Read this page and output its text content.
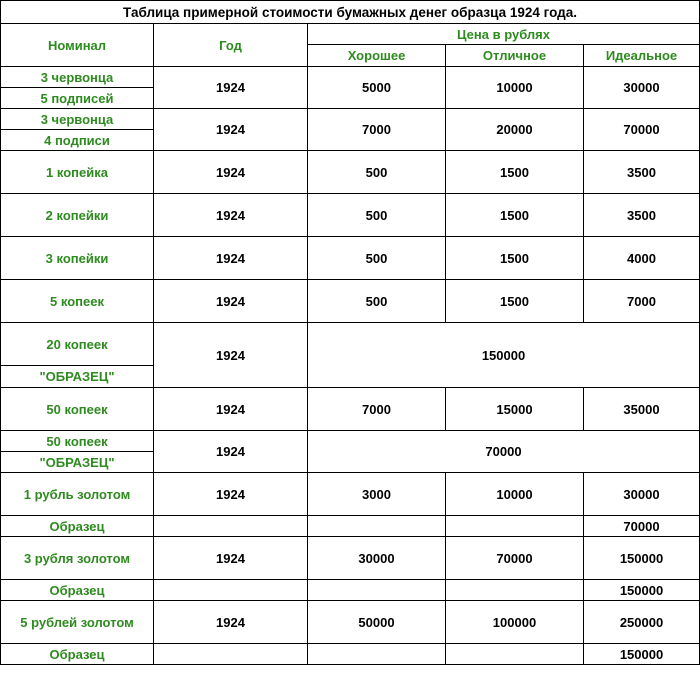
Таблица примерной стоимости бумажных денег образца 1924 года.				
Номинал	Год	Цена в рублях		
		Хорошее	Отличное	Идеальное
3 червонца	1924	5000	10000	30000
5 подписей				
3 червонца	1924	7000	20000	70000
4 подписи				
1 копейка	1924	500	1500	3500
2 копейки	1924	500	1500	3500
3 копейки	1924	500	1500	4000
5 копеек	1924	500	1500	7000
20 копеек	1924	150000		
"ОБРАЗЕЦ"				
50 копеек	1924	7000	15000	35000
50 копеек	1924	70000		
"ОБРАЗЕЦ"				
1 рубль золотом	1924	3000	10000	30000
Образец				70000
3 рубля золотом	1924	30000	70000	150000
Образец				150000
5 рублей золотом	1924	50000	100000	250000
Образец				150000
